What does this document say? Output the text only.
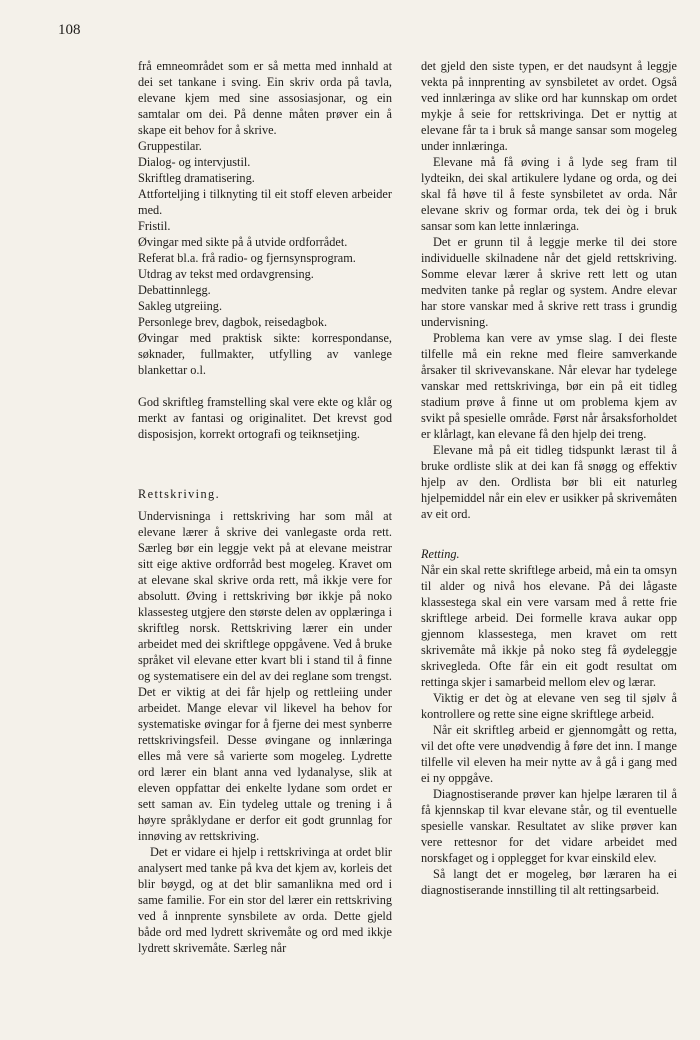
108

frå emneområdet som er så metta med innhald at dei set tankane i sving. Ein skriv orda på tavla, elevane kjem med sine assosiasjonar, og ein samtalar om dei. På denne måten prøver ein å skape eit behov for å skrive.

Gruppestilar.

Dialog- og intervjustil.

Skriftleg dramatisering.

Attforteljing i tilknyting til eit stoff eleven arbeider med.

Fristil.

Øvingar med sikte på å utvide ordforrådet.

Referat bl.a. frå radio- og fjernsynsprogram.

Utdrag av tekst med ordavgrensing.

Debattinnlegg.

Sakleg utgreiing.

Personlege brev, dagbok, reisedagbok.

Øvingar med praktisk sikte: korrespondanse, søknader, fullmakter, utfylling av vanlege blankettar o.l.

God skriftleg framstelling skal vere ekte og klår og merkt av fantasi og originalitet. Det krevst god disposisjon, korrekt ortografi og teiknsetjing.

Rettskriving.

Undervisninga i rettskriving har som mål at elevane lærer å skrive dei vanlegaste orda rett. Særleg bør ein leggje vekt på at elevane meistrar sitt eige aktive ordforråd best mogeleg. Kravet om at elevane skal skrive orda rett, må ikkje vere for absolutt. Øving i rettskriving bør ikkje på noko klassesteg utgjere den største delen av opplæringa i skriftleg norsk. Rettskriving lærer ein under arbeidet med dei skriftlege oppgåvene. Ved å bruke språket vil elevane etter kvart bli i stand til å finne og systematisere ein del av dei reglane som trengst. Det er viktig at dei får hjelp og rettleiing under arbeidet. Mange elevar vil likevel ha behov for systematiske øvingar for å fjerne dei mest synberre rettskrivingsfeil. Desse øvingane og innlæringa elles må vere så varierte som mogeleg. Lydrette ord lærer ein blant anna ved lydanalyse, slik at eleven oppfattar dei enkelte lydane som ordet er sett saman av. Ein tydeleg uttale og trening i å høyre språklydane er derfor eit godt grunnlag for innøving av rettskriving.

Det er vidare ei hjelp i rettskrivinga at ordet blir analysert med tanke på kva det kjem av, korleis det blir bøygd, og at det blir samanlikna med ord i same familie. For ein stor del lærer ein rettskriving ved å innprente synsbilete av orda. Dette gjeld både ord med lydrett skrivemåte og ord med ikkje lydrett skrivemåte. Særleg når

det gjeld den siste typen, er det naudsynt å leggje vekta på innprenting av synsbiletet av ordet. Også ved innlæringa av slike ord har kunnskap om ordet mykje å seie for rettskrivinga. Det er nyttig at elevane får ta i bruk så mange sansar som mogeleg under innlæringa.

Elevane må få øving i å lyde seg fram til lydteikn, dei skal artikulere lydane og orda, og dei skal få høve til å feste synsbiletet av orda. Når elevane skriv og formar orda, tek dei òg i bruk sansar som kan lette innlæringa.

Det er grunn til å leggje merke til dei store individuelle skilnadene når det gjeld rettskriving. Somme elevar lærer å skrive rett lett og utan medviten tanke på reglar og system. Andre elevar har store vanskar med å skrive rett trass i grundig undervisning.

Problema kan vere av ymse slag. I dei fleste tilfelle må ein rekne med fleire samverkande årsaker til skrivevanskane. Når elevar har tydelege vanskar med rettskrivinga, bør ein på eit tidleg stadium prøve å finne ut om problema kjem av svikt på spesielle område. Først når årsaksforholdet er klårlagt, kan elevane få den hjelp dei treng.

Elevane må på eit tidleg tidspunkt lærast til å bruke ordliste slik at dei kan få snøgg og effektiv hjelp av den. Ordlista bør bli eit naturleg hjelpemiddel når ein elev er usikker på skrivemåten av eit ord.

Retting.

Når ein skal rette skriftlege arbeid, må ein ta omsyn til alder og nivå hos elevane. På dei lågaste klassestega skal ein vere varsam med å rette frie skriftlege arbeid. Dei formelle krava aukar opp gjennom klassestega, men kravet om rett skrivemåte må ikkje på noko steg få øydeleggje skrivegleda. Ofte får ein eit godt resultat om rettinga skjer i samarbeid mellom elev og lærar.

Viktig er det òg at elevane ven seg til sjølv å kontrollere og rette sine eigne skriftlege arbeid.

Når eit skriftleg arbeid er gjennomgått og retta, vil det ofte vere unødvendig å føre det inn. I mange tilfelle vil eleven ha meir nytte av å gå i gang med ei ny oppgåve.

Diagnostiserande prøver kan hjelpe læraren til å få kjennskap til kvar elevane står, og til eventuelle spesielle vanskar. Resultatet av slike prøver kan vere rettesnor for det vidare arbeidet med norskfaget og i opplegget for kvar einskild elev.

Så langt det er mogeleg, bør læraren ha ei diagnostiserande innstilling til alt rettingsarbeid.
